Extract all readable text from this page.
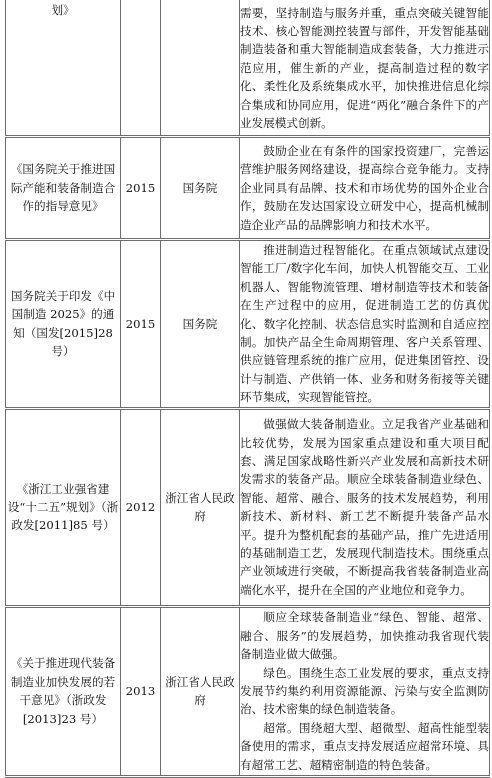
划》			需要，坚持制造与服务并重，重点突破关键智能技术、核心智能测控装置与部件，开发智能基础制造装备和重大智能制造成套装备，大力推进示范应用，催生新的产业，提高制造过程的数字化、柔性化及系统集成水平，加快推进信息化综合集成和协同应用，促进“两化”融合条件下的产业发展模式创新。

《国务院关于推进国际产能和装备制造合作的指导意见》	2015	国务院	鼓励企业在有条件的国家投资建厂，完善运营维护服务网络建设，提高综合竞争能力。支持企业同具有品牌、技术和市场优势的国外企业合作，鼓励在发达国家设立研发中心，提高机械制造企业产品的品牌影响力和技术水平。

国务院关于印发《中国制造 2025》的通知（国发[2015]28 号）	2015	国务院	推进制造过程智能化。在重点领域试点建设智能工厂/数字化车间，加快人机智能交互、工业机器人、智能物流管理、增材制造等技术和装备在生产过程中的应用，促进制造工艺的仿真优化、数字化控制、状态信息实时监测和自适应控制。加快产品全生命周期管理、客户关系管理、供应链管理系统的推广应用，促进集团管控、设计与制造、产供销一体、业务和财务衔接等关键环节集成，实现智能管控。

《浙江工业强省建设“十二五”规划》（浙政发[2011]85 号）	2012	浙江省人民政府	做强做大装备制造业。立足我省产业基础和比较优势，发展为国家重点建设和重大项目配套、满足国家战略性新兴产业发展和高新技术研发需求的装备产品。顺应全球装备制造业绿色、智能、超常、融合、服务的技术发展趋势，利用新技术、新材料、新工艺不断提升装备产品水平。提升为整机配套的基础产品，推广先进适用的基础制造工艺，发展现代制造技术。围绕重点产业领域进行突破，不断提高我省装备制造业高端化水平，提升在全国的产业地位和竞争力。

《关于推进现代装备制造业加快发展的若干意见》（浙政发[2013]23 号）	2013	浙江省人民政府	顺应全球装备制造业“绿色、智能、超常、融合、服务”的发展趋势，加快推动我省现代装备制造业做大做强。

绿色。围绕生态工业发展的要求，重点支持发展节约集约利用资源能源、污染与安全监测防治、技术密集的绿色制造装备。

超常。围绕超大型、超微型、超高性能型装备使用的需求，重点支持发展适应超常环境、具有超常工艺、超精密制造的特色装备。
